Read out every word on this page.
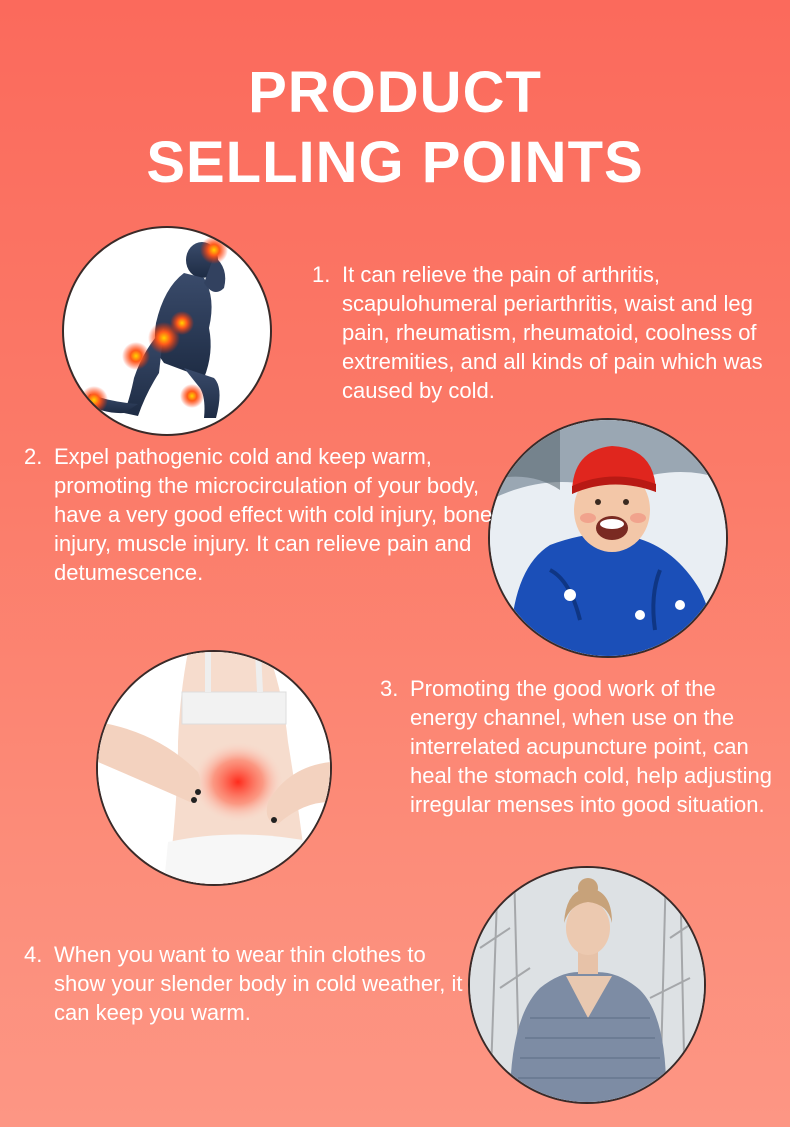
PRODUCT
SELLING POINTS
1. It can relieve the pain of arthritis, scapulohumeral periarthritis, waist and leg pain, rheumatism, rheumatoid, coolness of extremities, and all kinds of pain which was caused by cold.
2. Expel pathogenic cold and keep warm, promoting the microcirculation of your body, have a very good effect with cold injury, bone injury, muscle injury. It can relieve pain and detumescence.
3. Promoting the good work of the energy channel, when use on the interrelated acupuncture point, can heal the stomach cold, help adjusting irregular menses into good situation.
4. When you want to wear thin clothes to show your slender body in cold weather, it can keep you warm.
